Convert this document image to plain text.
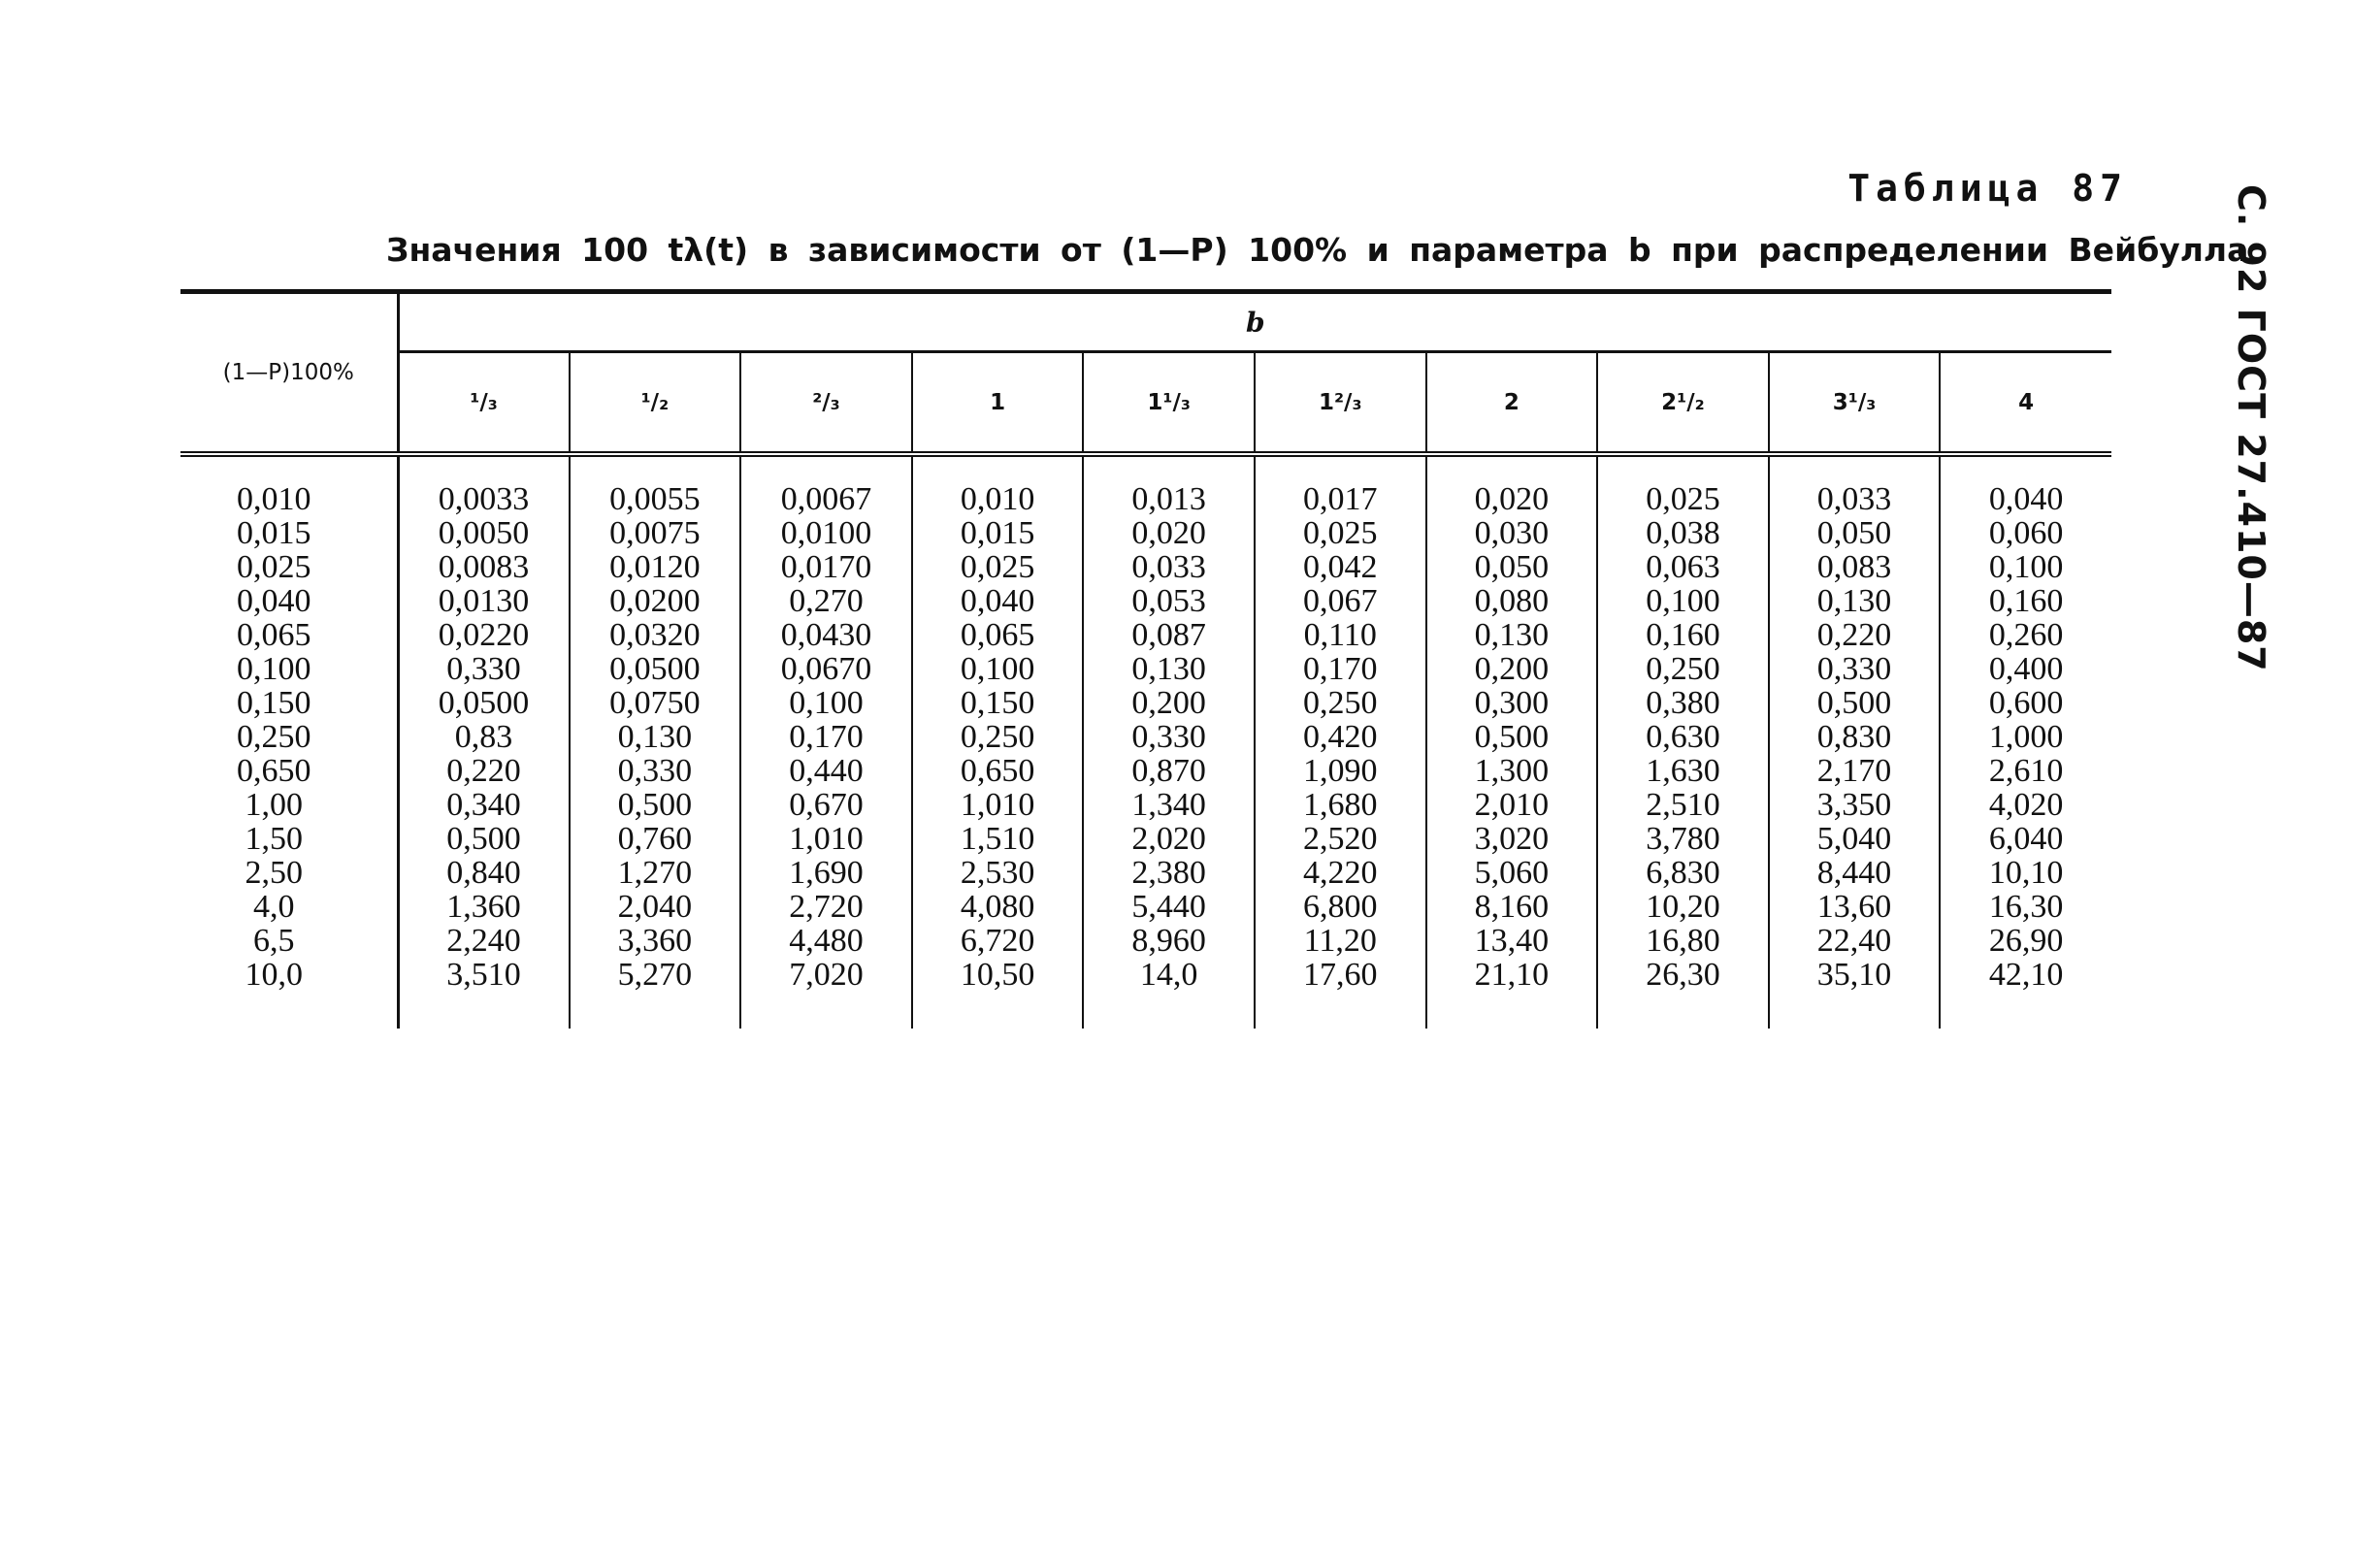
Таблица 87
Значения 100 tλ(t) в зависимости от (1—P) 100% и параметра b при распределении Вейбулла
С. 92 ГОСТ 27.410—87
(1—P)100%	b									
	¹/₃	¹/₂	²/₃	1	1¹/₃	1²/₃	2	2¹/₂	3¹/₃	4

0,010	0,0033	0,0055	0,0067	0,010	0,013	0,017	0,020	0,025	0,033	0,040
0,015	0,0050	0,0075	0,0100	0,015	0,020	0,025	0,030	0,038	0,050	0,060
0,025	0,0083	0,0120	0,0170	0,025	0,033	0,042	0,050	0,063	0,083	0,100
0,040	0,0130	0,0200	0,270	0,040	0,053	0,067	0,080	0,100	0,130	0,160
0,065	0,0220	0,0320	0,0430	0,065	0,087	0,110	0,130	0,160	0,220	0,260
0,100	0,330	0,0500	0,0670	0,100	0,130	0,170	0,200	0,250	0,330	0,400
0,150	0,0500	0,0750	0,100	0,150	0,200	0,250	0,300	0,380	0,500	0,600
0,250	0,83	0,130	0,170	0,250	0,330	0,420	0,500	0,630	0,830	1,000
0,650	0,220	0,330	0,440	0,650	0,870	1,090	1,300	1,630	2,170	2,610
1,00	0,340	0,500	0,670	1,010	1,340	1,680	2,010	2,510	3,350	4,020
1,50	0,500	0,760	1,010	1,510	2,020	2,520	3,020	3,780	5,040	6,040
2,50	0,840	1,270	1,690	2,530	2,380	4,220	5,060	6,830	8,440	10,10
4,0	1,360	2,040	2,720	4,080	5,440	6,800	8,160	10,20	13,60	16,30
6,5	2,240	3,360	4,480	6,720	8,960	11,20	13,40	16,80	22,40	26,90
10,0	3,510	5,270	7,020	10,50	14,0	17,60	21,10	26,30	35,10	42,10
